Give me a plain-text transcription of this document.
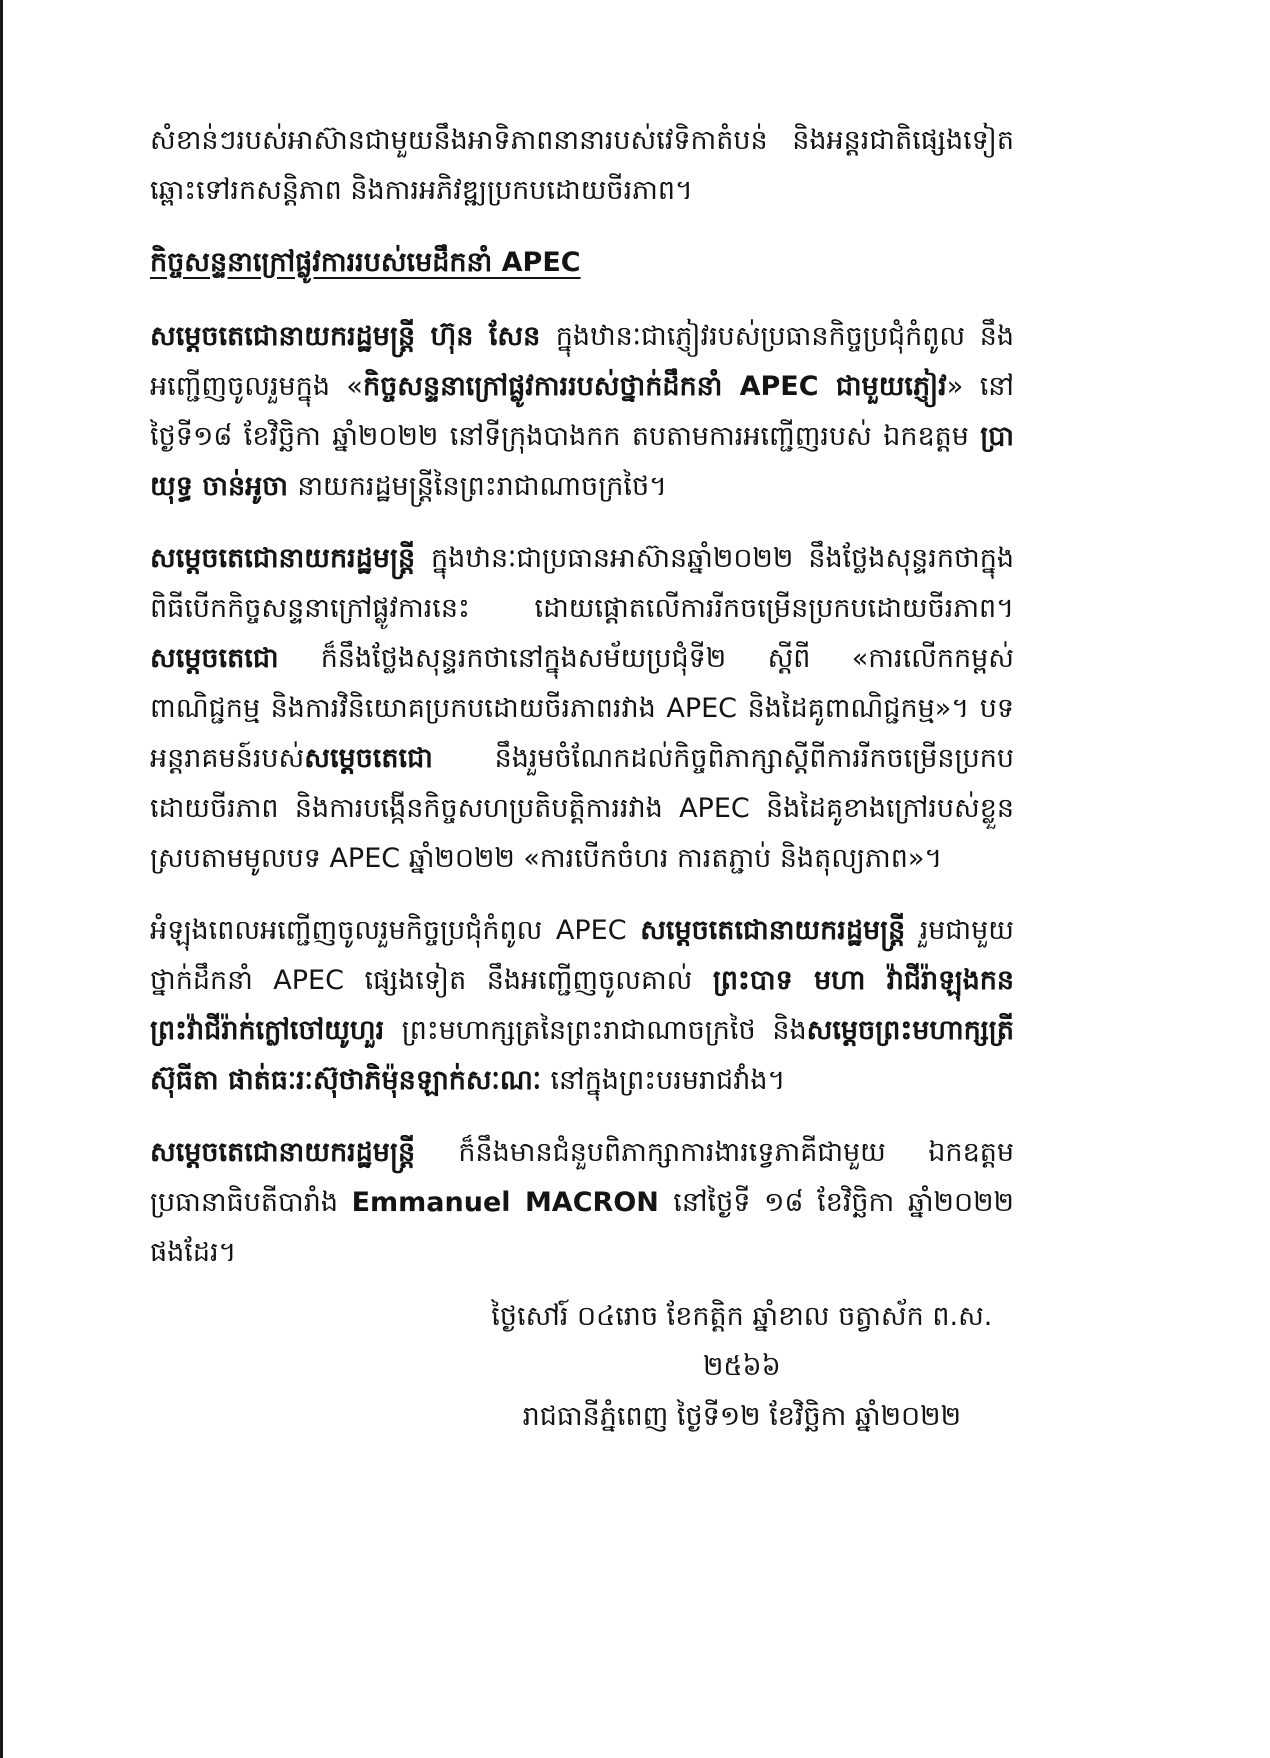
សំខាន់ៗរបស់អាស៊ានជាមួយនឹងអាទិភាពនានារបស់វេទិកាតំបន់ និងអន្តរជាតិផ្សេងទៀត ឆ្ពោះទៅរកសន្តិភាព និងការអភិវឌ្ឍប្រកបដោយចីរភាព។

កិច្ចសន្ទនាក្រៅផ្លូវការរបស់មេដឹកនាំ APEC

សម្ដេចតេជោនាយករដ្ឋមន្ត្រី ហ៊ុន សែន ក្នុងឋានៈជាភ្ញៀវរបស់ប្រធានកិច្ចប្រជុំកំពូល នឹងអញ្ជើញចូលរួមក្នុង «កិច្ចសន្ទនាក្រៅផ្លូវការរបស់ថ្នាក់ដឹកនាំ APEC ជាមួយភ្ញៀវ» នៅថ្ងៃទី១៨ ខែវិច្ឆិកា ឆ្នាំ២០២២ នៅទីក្រុងបាងកក តបតាមការអញ្ជើញរបស់ ឯកឧត្តម ប្រាយុទ្ធ ចាន់អូចា នាយករដ្ឋមន្ត្រីនៃព្រះរាជាណាចក្រថៃ។

សម្ដេចតេជោនាយករដ្ឋមន្ត្រី ក្នុងឋានៈជាប្រធានអាស៊ានឆ្នាំ២០២២ នឹងថ្លែងសុន្ទរកថាក្នុងពិធីបើកកិច្ចសន្ទនាក្រៅផ្លូវការនេះ ដោយផ្ដោតលើការរីកចម្រើនប្រកបដោយចីរភាព។ សម្ដេចតេជោ ក៏នឹងថ្លែងសុន្ទរកថានៅក្នុងសម័យប្រជុំទី២ ស្ដីពី «ការលើកកម្ពស់ពាណិជ្ជកម្ម និងការវិនិយោគប្រកបដោយចីរភាពរវាង APEC និងដៃគូពាណិជ្ជកម្ម»។ បទអន្តរាគមន៍របស់សម្ដេចតេជោ នឹងរួមចំណែកដល់កិច្ចពិភាក្សាស្ដីពីការរីកចម្រើនប្រកបដោយចីរភាព និងការបង្កើនកិច្ចសហប្រតិបត្តិការរវាង APEC និងដៃគូខាងក្រៅរបស់ខ្លួន ស្របតាមមូលបទ APEC ឆ្នាំ២០២២ «ការបើកចំហរ ការតភ្ជាប់ និងតុល្យភាព»។

អំឡុងពេលអញ្ជើញចូលរួមកិច្ចប្រជុំកំពូល APEC សម្ដេចតេជោនាយករដ្ឋមន្ត្រី រួមជាមួយថ្នាក់ដឹកនាំ APEC ផ្សេងទៀត នឹងអញ្ជើញចូលគាល់ ព្រះបាទ មហា វ៉ាជីរ៉ាឡុងកន ព្រះវ៉ាជីរ៉ាក់ក្លៅចៅយូហួរ ព្រះមហាក្សត្រនៃព្រះរាជាណាចក្រថៃ និងសម្ដេចព្រះមហាក្សត្រី ស៊ុធីតា ផាត់ធៈរៈស៊ុថាភិម៉ុនឡាក់សៈណៈ នៅក្នុងព្រះបរមរាជវាំង។

សម្ដេចតេជោនាយករដ្ឋមន្ត្រី ក៏នឹងមានជំនួបពិភាក្សាការងារទ្វេភាគីជាមួយ ឯកឧត្តមប្រធានាធិបតីបារាំង Emmanuel MACRON នៅថ្ងៃទី ១៨ ខែវិច្ឆិកា ឆ្នាំ២០២២ ផងដែរ។

ថ្ងៃសៅរ៍ ០៤រោច ខែកត្តិក ឆ្នាំខាល ចត្វាស័ក ព.ស. ២៥៦៦
រាជធានីភ្នំពេញ ថ្ងៃទី១២ ខែវិច្ឆិកា ឆ្នាំ២០២២
